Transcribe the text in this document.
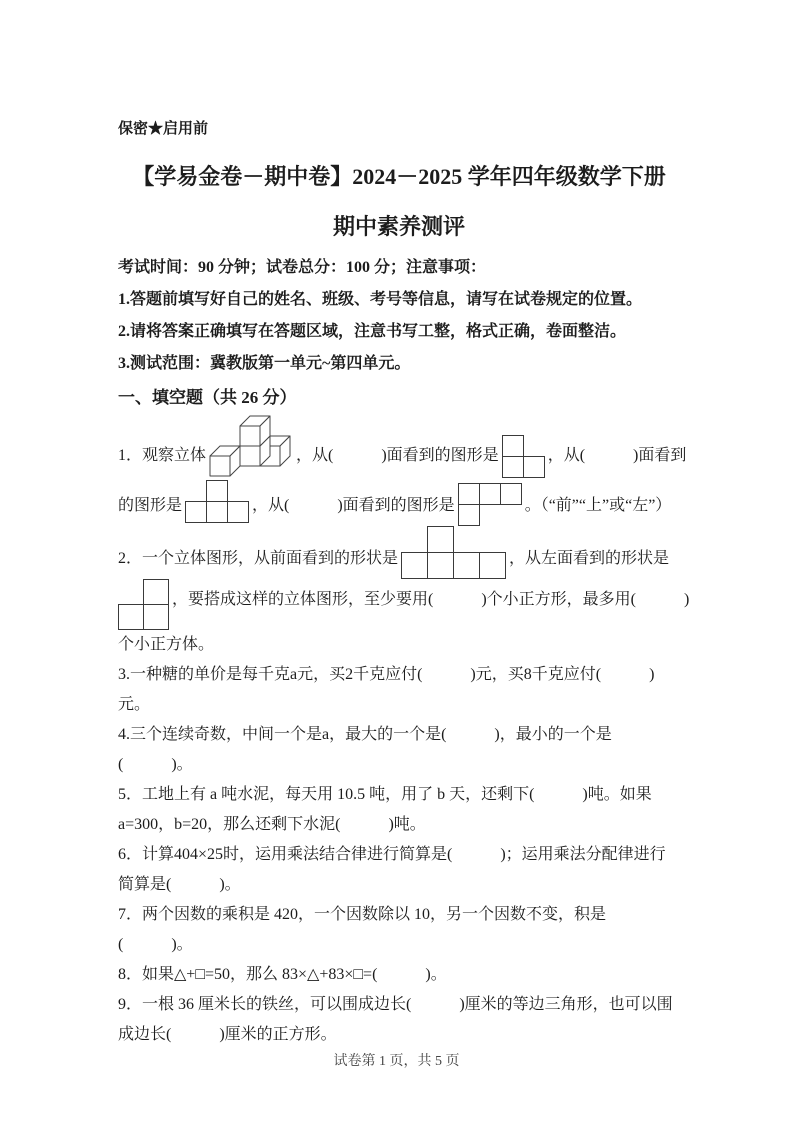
保密★启用前
【学易金卷－期中卷】2024－2025 学年四年级数学下册
期中素养测评
考试时间：90 分钟；试卷总分：100 分；注意事项：
1.答题前填写好自己的姓名、班级、考号等信息，请写在试卷规定的位置。
2.请将答案正确填写在答题区域，注意书写工整，格式正确，卷面整洁。
3.测试范围：冀教版第一单元~第四单元。
一、填空题（共 26 分）
1．观察立体	，从(　　　)面看到的图形是	，从(　　　)面看到
的图形是	，从(　　　)面看到的图形是	。（“前”“上”或“左”）
2．一个立体图形，从前面看到的形状是	，从左面看到的形状是
，要搭成这样的立体图形，至少要用(　　　)个小正方形，最多用(　　　)
个小正方体。
3.一种糖的单价是每千克a元，买2千克应付(　　　)元，买8千克应付(　　　)元。
4.三个连续奇数，中间一个是a，最大的一个是(　　　)，最小的一个是(　　　)。
5．工地上有 a 吨水泥，每天用 10.5 吨，用了 b 天，还剩下(　　　)吨。如果 a=300，b=20，那么还剩下水泥(　　　)吨。
6．计算404×25时，运用乘法结合律进行简算是(　　　)；运用乘法分配律进行简算是(　　　)。
7．两个因数的乘积是 420，一个因数除以 10，另一个因数不变，积是(　　　)。
8．如果△+□=50，那么 83×△+83×□=(　　　)。
9．一根 36 厘米长的铁丝，可以围成边长(　　　)厘米的等边三角形，也可以围成边长(　　　)厘米的正方形。
试卷第 1 页，共 5 页
